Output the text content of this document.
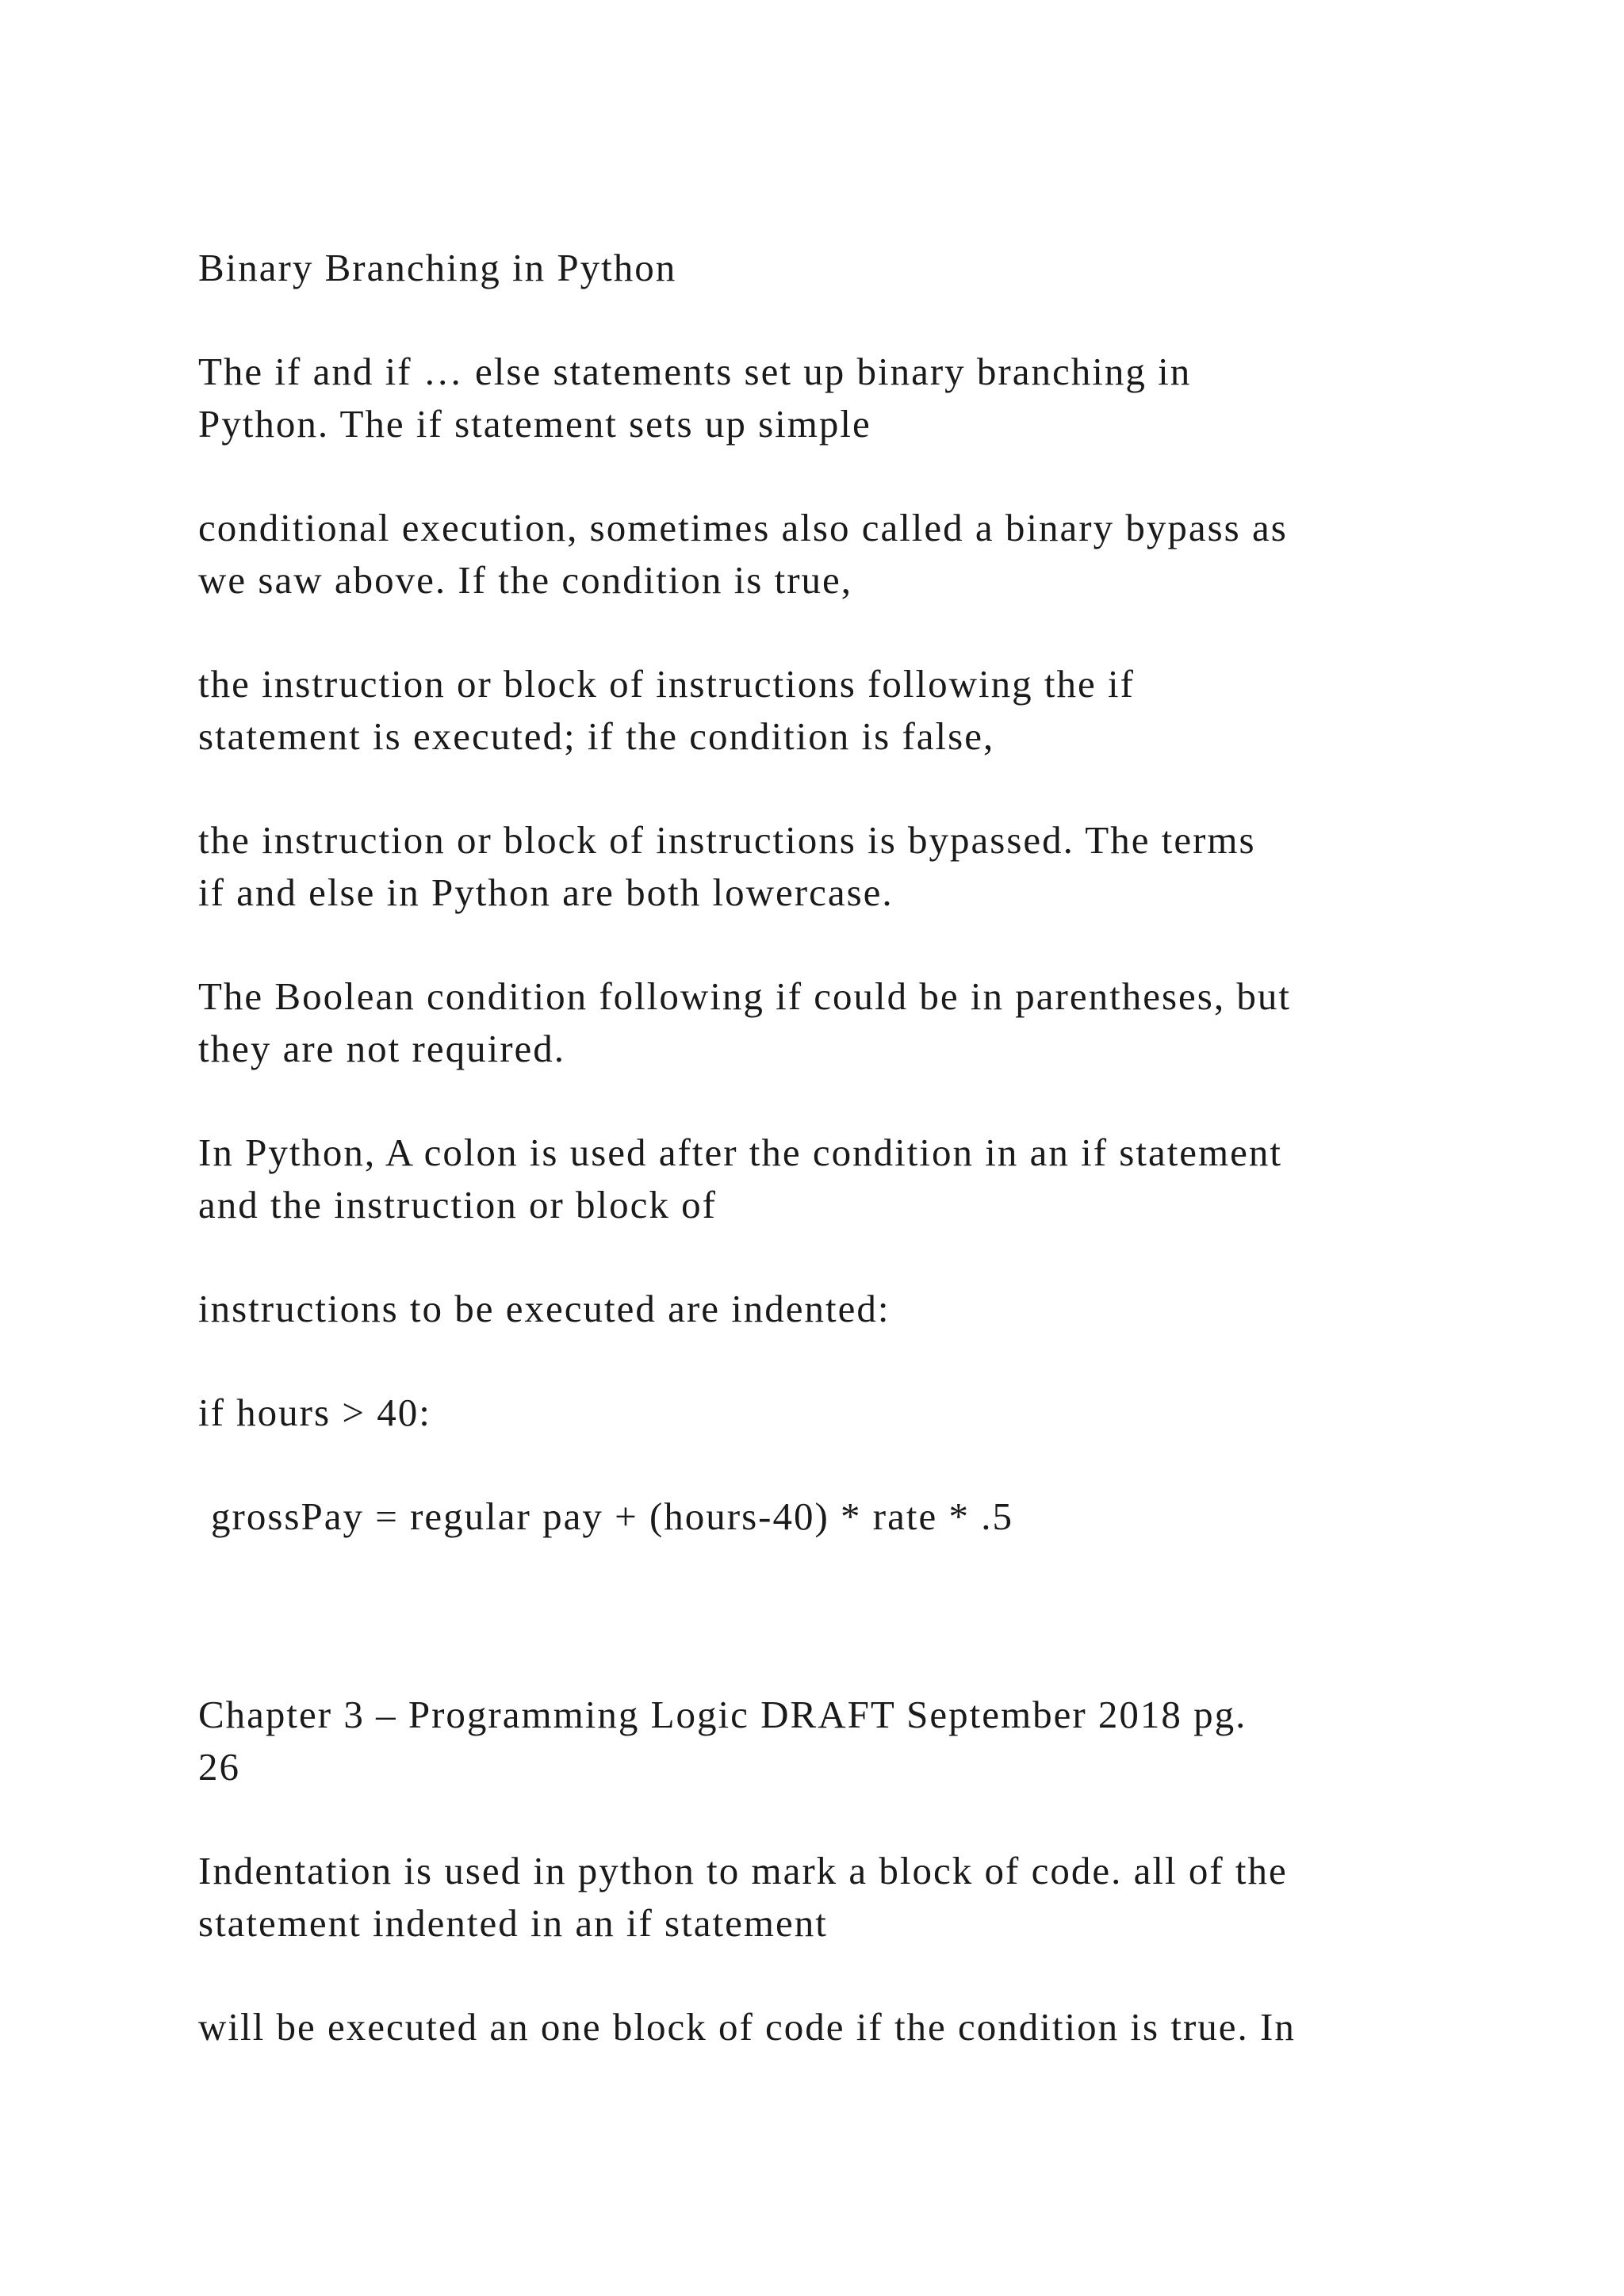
Binary Branching in Python

The if and if … else statements set up binary branching in
Python. The if statement sets up simple

conditional execution, sometimes also called a binary bypass as
we saw above. If the condition is true,

the instruction or block of instructions following the if
statement is executed; if the condition is false,

the instruction or block of instructions is bypassed. The terms
if and else in Python are both lowercase.

The Boolean condition following if could be in parentheses, but
they are not required.

In Python, A colon is used after the condition in an if statement
and the instruction or block of

instructions to be executed are indented:

if hours > 40:

grossPay = regular pay + (hours-40) * rate * .5

Chapter 3 – Programming Logic DRAFT September 2018 pg.
26

Indentation is used in python to mark a block of code. all of the
statement indented in an if statement

will be executed an one block of code if the condition is true. In
